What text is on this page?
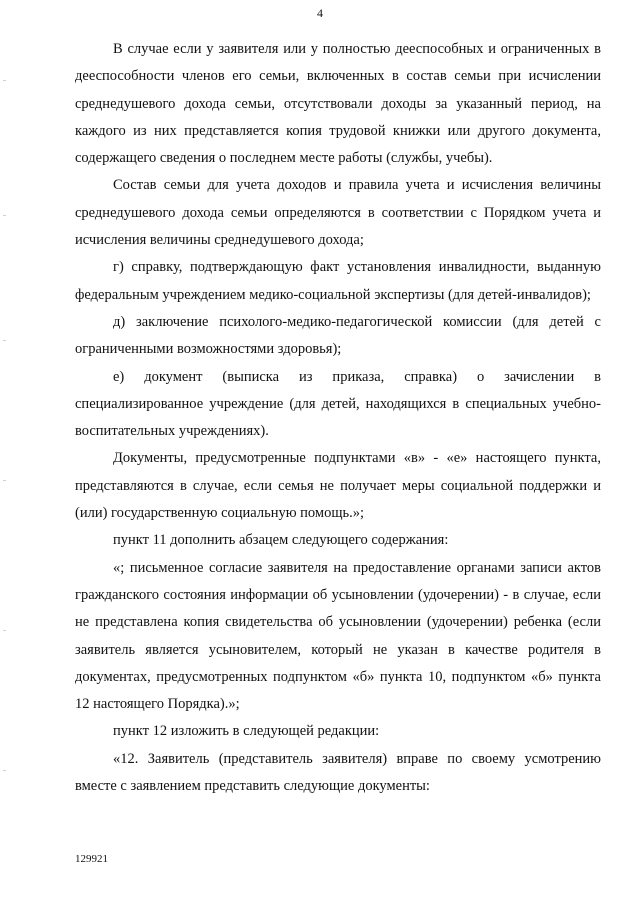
4

В случае если у заявителя или у полностью дееспособных и ограниченных в дееспособности членов его семьи, включенных в состав семьи при исчислении среднедушевого дохода семьи, отсутствовали доходы за указанный период, на каждого из них представляется копия трудовой книжки или другого документа, содержащего сведения о последнем месте работы (службы, учебы).

Состав семьи для учета доходов и правила учета и исчисления величины среднедушевого дохода семьи определяются в соответствии с Порядком учета и исчисления величины среднедушевого дохода;

г) справку, подтверждающую факт установления инвалидности, выданную федеральным учреждением медико-социальной экспертизы (для детей-инвалидов);

д) заключение психолого-медико-педагогической комиссии (для детей с ограниченными возможностями здоровья);

е) документ (выписка из приказа, справка) о зачислении в специализированное учреждение (для детей, находящихся в специальных учебно-воспитательных учреждениях).

Документы, предусмотренные подпунктами «в» - «е» настоящего пункта, представляются в случае, если семья не получает меры социальной поддержки и (или) государственную социальную помощь.»;

пункт 11 дополнить абзацем следующего содержания:

«; письменное согласие заявителя на предоставление органами записи актов гражданского состояния информации об усыновлении (удочерении) - в случае, если не представлена копия свидетельства об усыновлении (удочерении) ребенка (если заявитель является усыновителем, который не указан в качестве родителя в документах, предусмотренных подпунктом «б» пункта 10, подпунктом «б» пункта 12 настоящего Порядка).»;

пункт 12 изложить в следующей редакции:

«12. Заявитель (представитель заявителя) вправе по своему усмотрению вместе с заявлением представить следующие документы:

129921
